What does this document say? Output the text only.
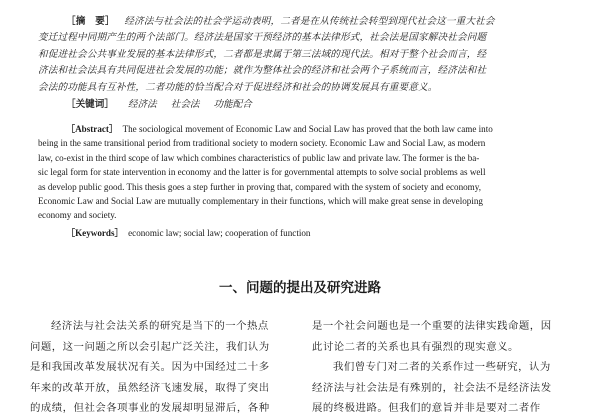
［摘　要］ 经济法与社会法的社会学运动表明，二者是在从传统社会转型到现代社会这一重大社会
变迁过程中同期产生的两个法部门。经济法是国家干预经济的基本法律形式，社会法是国家解决社会问题
和促进社会公共事业发展的基本法律形式，二者都是隶属于第三法域的现代法。相对于整个社会而言，经
济法和社会法具有共同促进社会发展的功能；就作为整体社会的经济和社会两个子系统而言，经济法和社
会法的功能具有互补性，二者功能的恰当配合对于促进经济和社会的协调发展具有重要意义。
［关键词］ 经济法 社会法 功能配合
［Abstract］ The sociological movement of Economic Law and Social Law has proved that the both law came into
being in the same transitional period from traditional society to modern society. Economic Law and Social Law, as modern
law, co-exist in the third scope of law which combines characteristics of public law and private law. The former is the ba-
sic legal form for state intervention in economy and the latter is for governmental attempts to solve social problems as well
as develop public good. This thesis goes a step further in proving that, compared with the system of society and economy,
Economic Law and Social Law are mutually complementary in their functions, which will make great sense in developing
economy and society.
［Keywords］ economic law; social law; cooperation of function
一、问题的提出及研究进路
经济法与社会法关系的研究是当下的一个热点
问题，这一问题之所以会引起广泛关注，我们认为
是和我国改革发展状况有关。因为中国经过二十多
年来的改革开放，虽然经济飞速发展，取得了突出
的成绩，但社会各项事业的发展却明显滞后，各种
是一个社会问题也是一个重要的法律实践命题，因
此讨论二者的关系也具有强烈的现实意义。
我们曾专门对二者的关系作过一些研究，认为
经济法与社会法是有殊别的，社会法不是经济法发
展的终极进路。但我们的意旨并非是要对二者作
